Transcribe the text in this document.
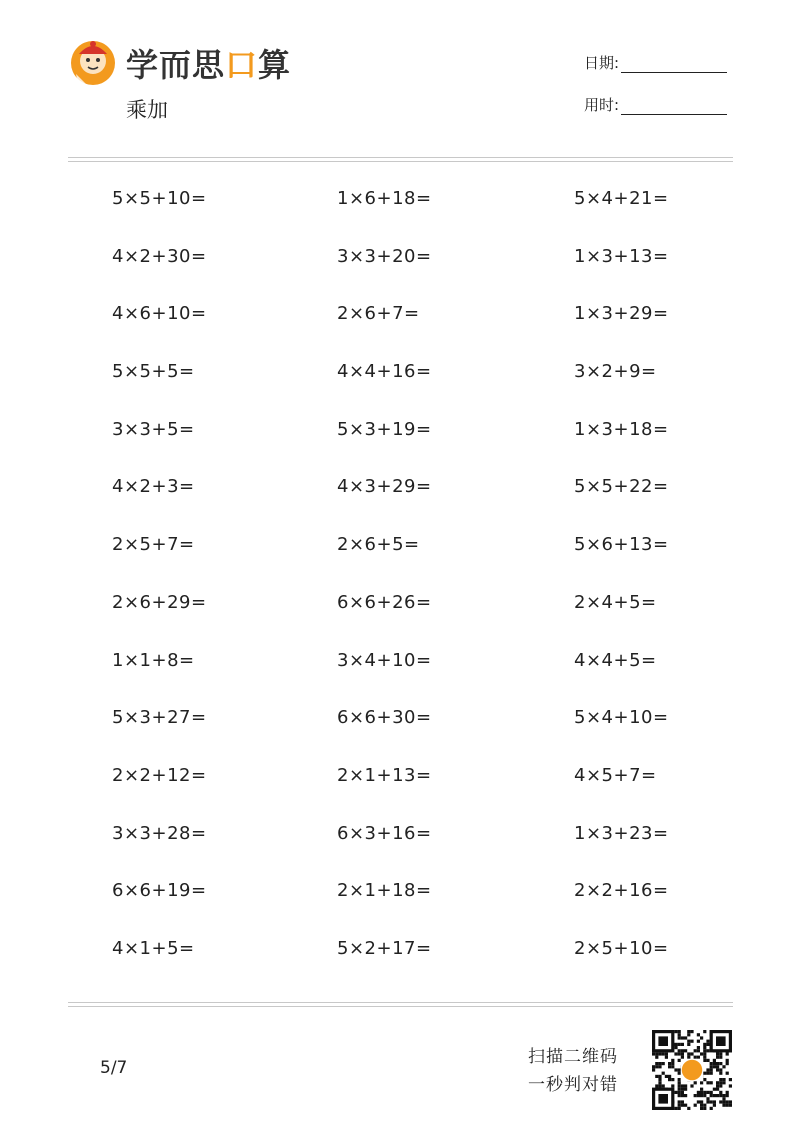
学而思口算
乘加
日期:
用时:
5×5+10=	1×6+18=	5×4+21=
4×2+30=	3×3+20=	1×3+13=
4×6+10=	2×6+7=	1×3+29=
5×5+5=	4×4+16=	3×2+9=
3×3+5=	5×3+19=	1×3+18=
4×2+3=	4×3+29=	5×5+22=
2×5+7=	2×6+5=	5×6+13=
2×6+29=	6×6+26=	2×4+5=
1×1+8=	3×4+10=	4×4+5=
5×3+27=	6×6+30=	5×4+10=
2×2+12=	2×1+13=	4×5+7=
3×3+28=	6×3+16=	1×3+23=
6×6+19=	2×1+18=	2×2+16=
4×1+5=	5×2+17=	2×5+10=
5/7
扫描二维码
一秒判对错
